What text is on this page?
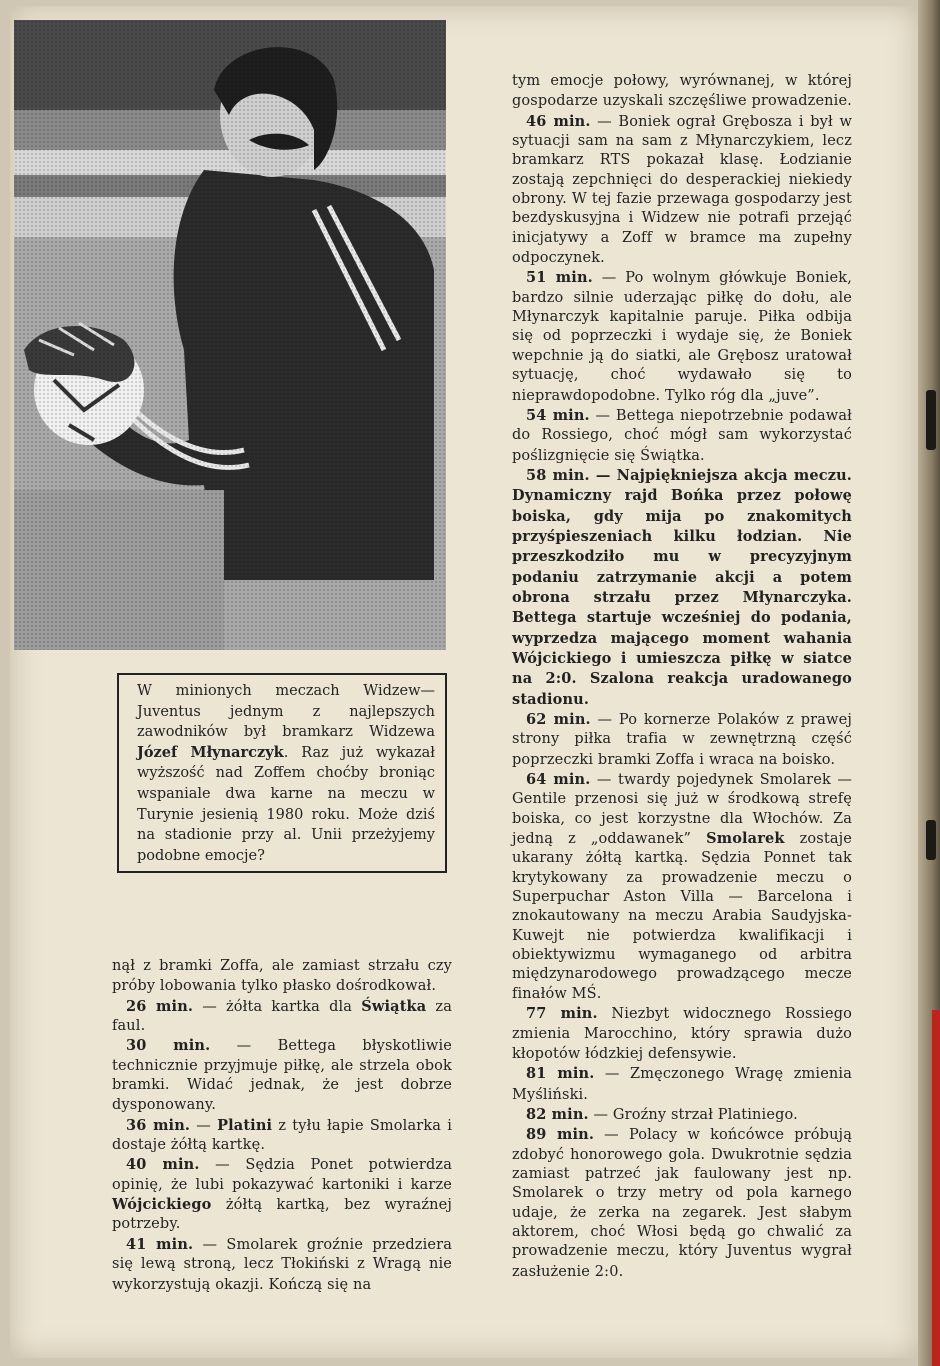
W minionych meczach Widzew—Juventus jednym z najlepszych zawodników był bramkarz Widzewa Józef Młynarczyk. Raz już wykazał wyższość nad Zoffem choćby broniąc wspaniale dwa karne na meczu w Turynie jesienią 1980 roku. Może dziś na stadionie przy al. Unii przeżyjemy podobne emocje?

nął z bramki Zoffa, ale zamiast strzału czy próby lobowania tylko płasko dośrodkował.

26 min. — żółta kartka dla Świątka za faul.

30 min. — Bettega błyskotliwie technicznie przyjmuje piłkę, ale strzela obok bramki. Widać jednak, że jest dobrze dysponowany.

36 min. — Platini z tyłu łapie Smolarka i dostaje żółtą kartkę.

40 min. — Sędzia Ponet potwierdza opinię, że lubi pokazywać kartoniki i karze Wójcickiego żółtą kartką, bez wyraźnej potrzeby.

41 min. — Smolarek groźnie przedziera się lewą stroną, lecz Tłokiński z Wragą nie wykorzystują okazji. Kończą się na

tym emocje połowy, wyrównanej, w której gospodarze uzyskali szczęśliwe prowadzenie.

46 min. — Boniek ograł Grębosza i był w sytuacji sam na sam z Młynarczykiem, lecz bramkarz RTS pokazał klasę. Łodzianie zostają zepchnięci do desperackiej niekiedy obrony. W tej fazie przewaga gospodarzy jest bezdyskusyjna i Widzew nie potrafi przejąć inicjatywy a Zoff w bramce ma zupełny odpoczynek.

51 min. — Po wolnym główkuje Boniek, bardzo silnie uderzając piłkę do dołu, ale Młynarczyk kapitalnie paruje. Piłka odbija się od poprzeczki i wydaje się, że Boniek wepchnie ją do siatki, ale Grębosz uratował sytuację, choć wydawało się to nieprawdopodobne. Tylko róg dla „juve”.

54 min. — Bettega niepotrzebnie podawał do Rossiego, choć mógł sam wykorzystać poślizgnięcie się Świątka.

58 min. — Najpiękniejsza akcja meczu. Dynamiczny rajd Bońka przez połowę boiska, gdy mija po znakomitych przyśpieszeniach kilku łodzian. Nie przeszkodziło mu w precyzyjnym podaniu zatrzymanie akcji a potem obrona strzału przez Młynarczyka. Bettega startuje wcześniej do podania, wyprzedza mającego moment wahania Wójcickiego i umieszcza piłkę w siatce na 2:0. Szalona reakcja uradowanego stadionu.

62 min. — Po kornerze Polaków z prawej strony piłka trafia w zewnętrzną część poprzeczki bramki Zoffa i wraca na boisko.

64 min. — twardy pojedynek Smolarek — Gentile przenosi się już w środkową strefę boiska, co jest korzystne dla Włochów. Za jedną z „oddawanek” Smolarek zostaje ukarany żółtą kartką. Sędzia Ponnet tak krytykowany za prowadzenie meczu o Superpuchar Aston Villa — Barcelona i znokautowany na meczu Arabia Saudyjska-Kuwejt nie potwierdza kwalifikacji i obiektywizmu wymaganego od arbitra międzynarodowego prowadzącego mecze finałów MŚ.

77 min. Niezbyt widocznego Rossiego zmienia Marocchino, który sprawia dużo kłopotów łódzkiej defensywie.

81 min. — Zmęczonego Wragę zmienia Myśliński.

82 min. — Groźny strzał Platiniego.

89 min. — Polacy w końcówce próbują zdobyć honorowego gola. Dwukrotnie sędzia zamiast patrzeć jak faulowany jest np. Smolarek o trzy metry od pola karnego udaje, że zerka na zegarek. Jest słabym aktorem, choć Włosi będą go chwalić za prowadzenie meczu, który Juventus wygrał zasłużenie 2:0.
